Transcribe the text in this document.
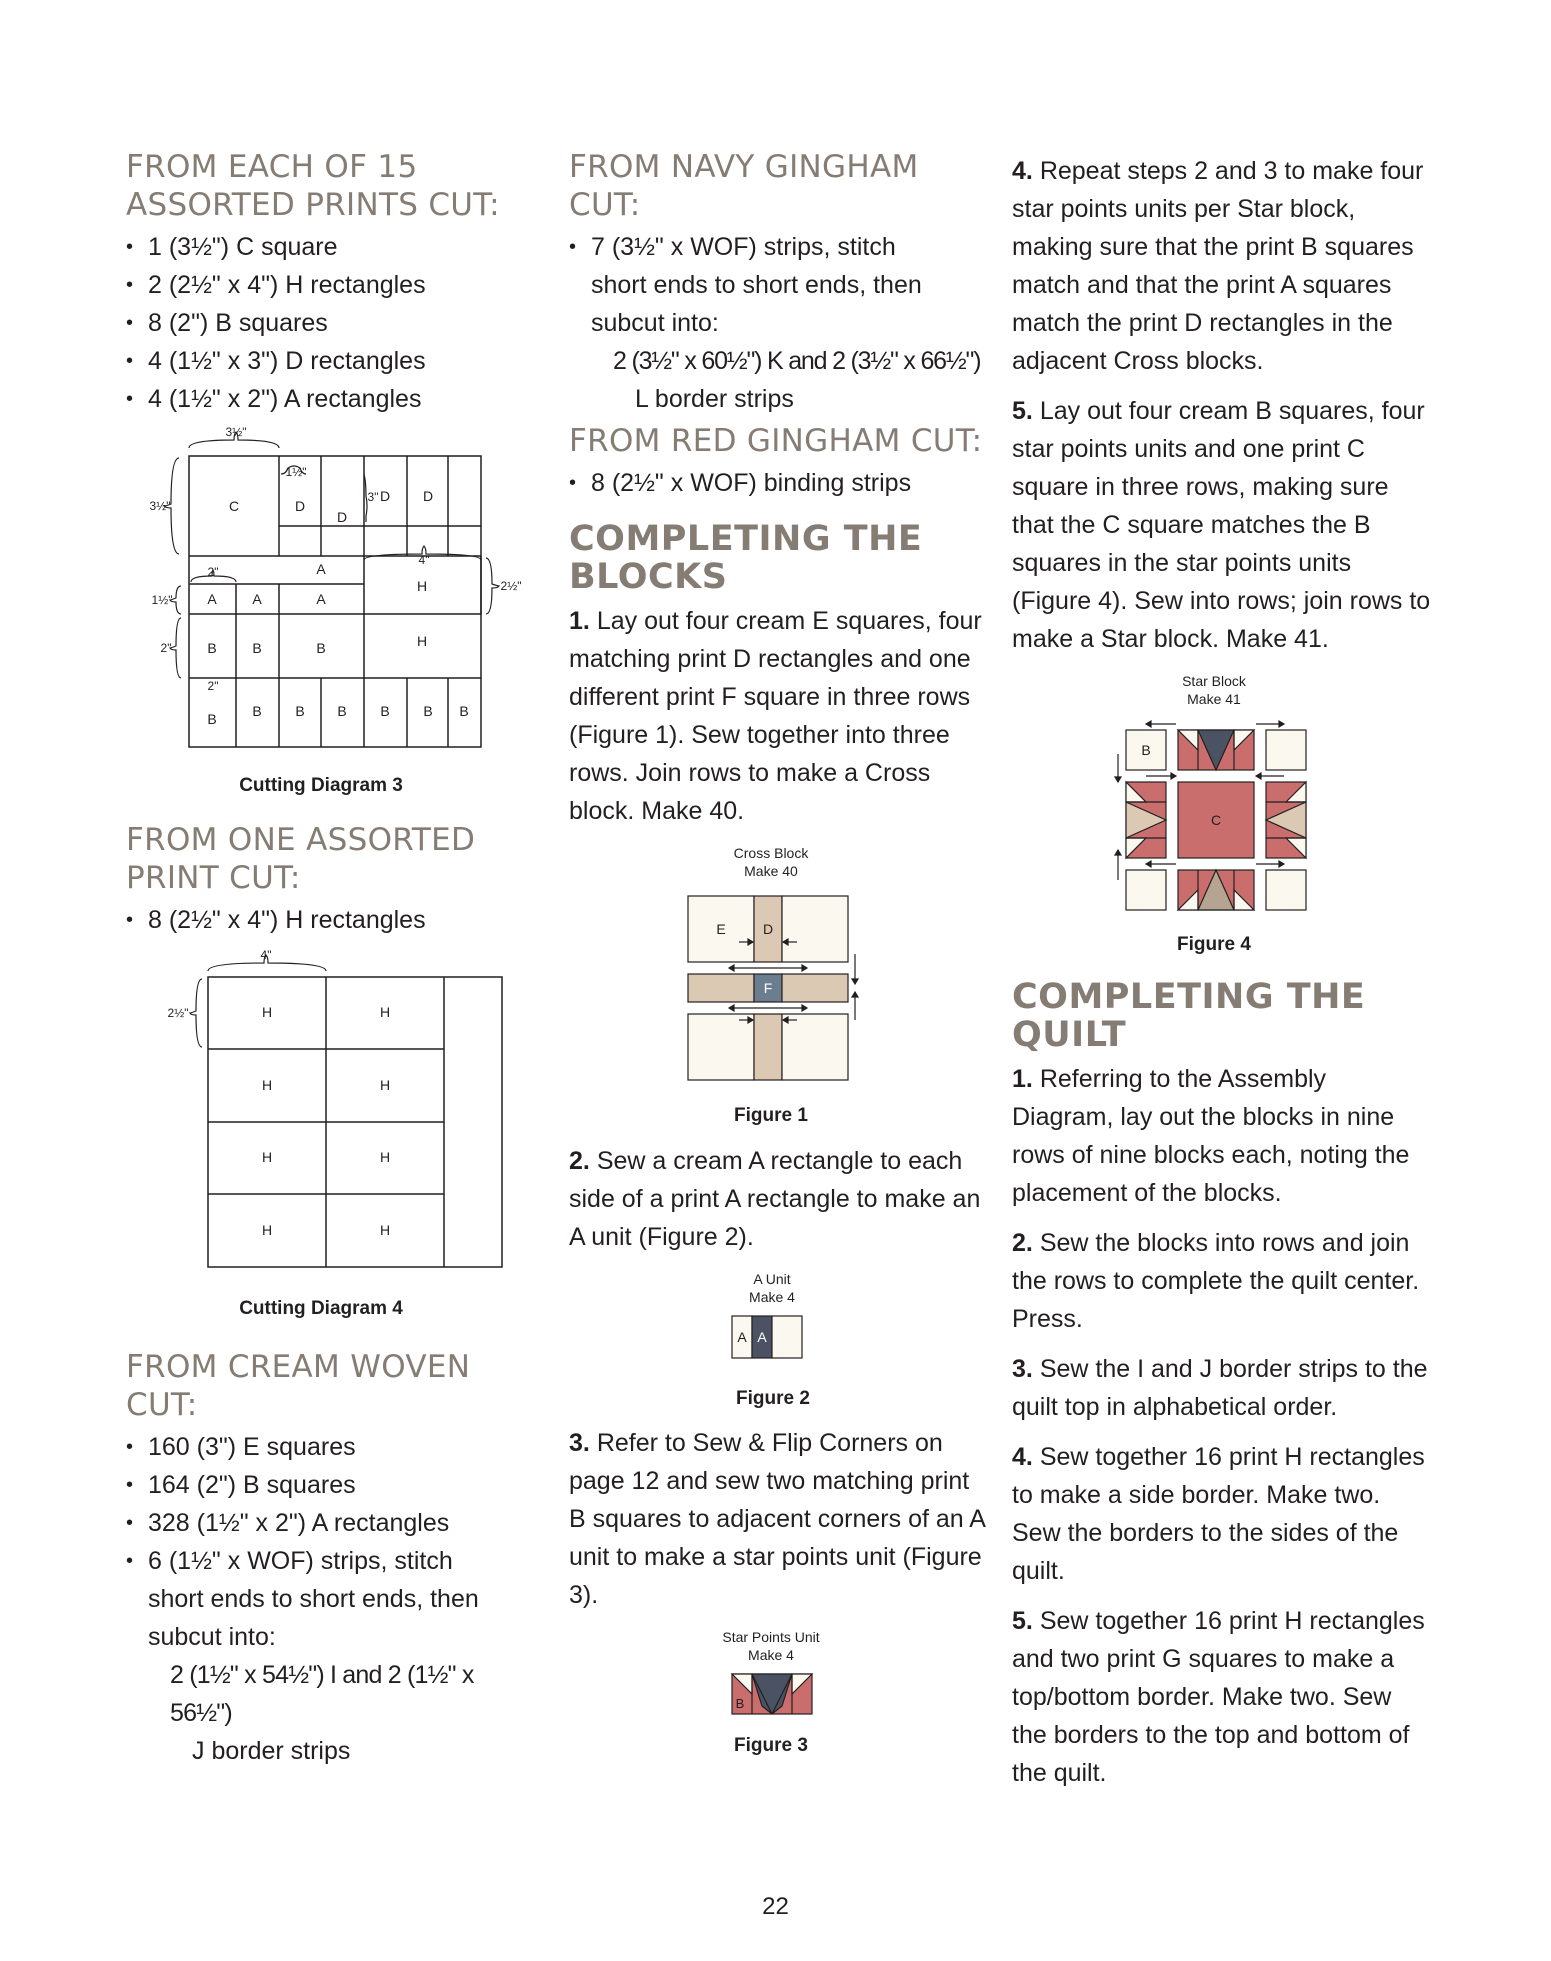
FROM EACH OF 15 ASSORTED PRINTS CUT:
• 1 (3½") C square
• 2 (2½" x 4") H rectangles
• 8 (2") B squares
• 4 (1½" x 3") D rectangles
• 4 (1½" x 2") A rectangles
3½"
3½"
1½"
3"
4"
2½"
1½"
2"
2"
2"
C	D
D
D D
A
H
A	A	A
B	B	B	H
B	B B B B B B
Cutting Diagram 3
FROM ONE ASSORTED PRINT CUT:
• 8 (2½" x 4") H rectangles
4"
2½"	H	H
H	H
H	H
H	H
Cutting Diagram 4
FROM CREAM WOVEN CUT:
• 160 (3") E squares
• 164 (2") B squares
• 328 (1½" x 2") A rectangles
• 6 (1½" x WOF) strips, stitch
short ends to short ends, then
subcut into:
2 (1½" x 54½") I and 2 (1½" x 56½")
J border strips
FROM NAVY GINGHAM CUT:
• 7 (3½" x WOF) strips, stitch
short ends to short ends, then
subcut into:
2 (3½" x 60½") K and 2 (3½" x 66½")
L border strips
FROM RED GINGHAM CUT:
• 8 (2½" x WOF) binding strips
COMPLETING THE BLOCKS

1. Lay out four cream E squares, four matching print D rectangles and one different print F square in three rows (Figure 1). Sew together into three rows. Join rows to make a Cross block. Make 40.

Cross Block
Make 40
E	D
F
Figure 1

2. Sew a cream A rectangle to each side of a print A rectangle to make an A unit (Figure 2).

A Unit
Make 4
A A
Figure 2

3. Refer to Sew & Flip Corners on page 12 and sew two matching print B squares to adjacent corners of an A unit to make a star points unit (Figure 3).

Star Points Unit
Make 4
B
Figure 3

4. Repeat steps 2 and 3 to make four star points units per Star block, making sure that the print B squares match and that the print A squares match the print D rectangles in the adjacent Cross blocks.

5. Lay out four cream B squares, four star points units and one print C square in three rows, making sure that the C square matches the B squares in the star points units (Figure 4). Sew into rows; join rows to make a Star block. Make 41.

Star Block
Make 41
B
C
Figure 4
COMPLETING THE QUILT

1. Referring to the Assembly Diagram, lay out the blocks in nine rows of nine blocks each, noting the placement of the blocks.

2. Sew the blocks into rows and join the rows to complete the quilt center. Press.

3. Sew the I and J border strips to the quilt top in alphabetical order.

4. Sew together 16 print H rectangles to make a side border. Make two. Sew the borders to the sides of the quilt.

5. Sew together 16 print H rectangles and two print G squares to make a top/bottom border. Make two. Sew the borders to the top and bottom of the quilt.

22
